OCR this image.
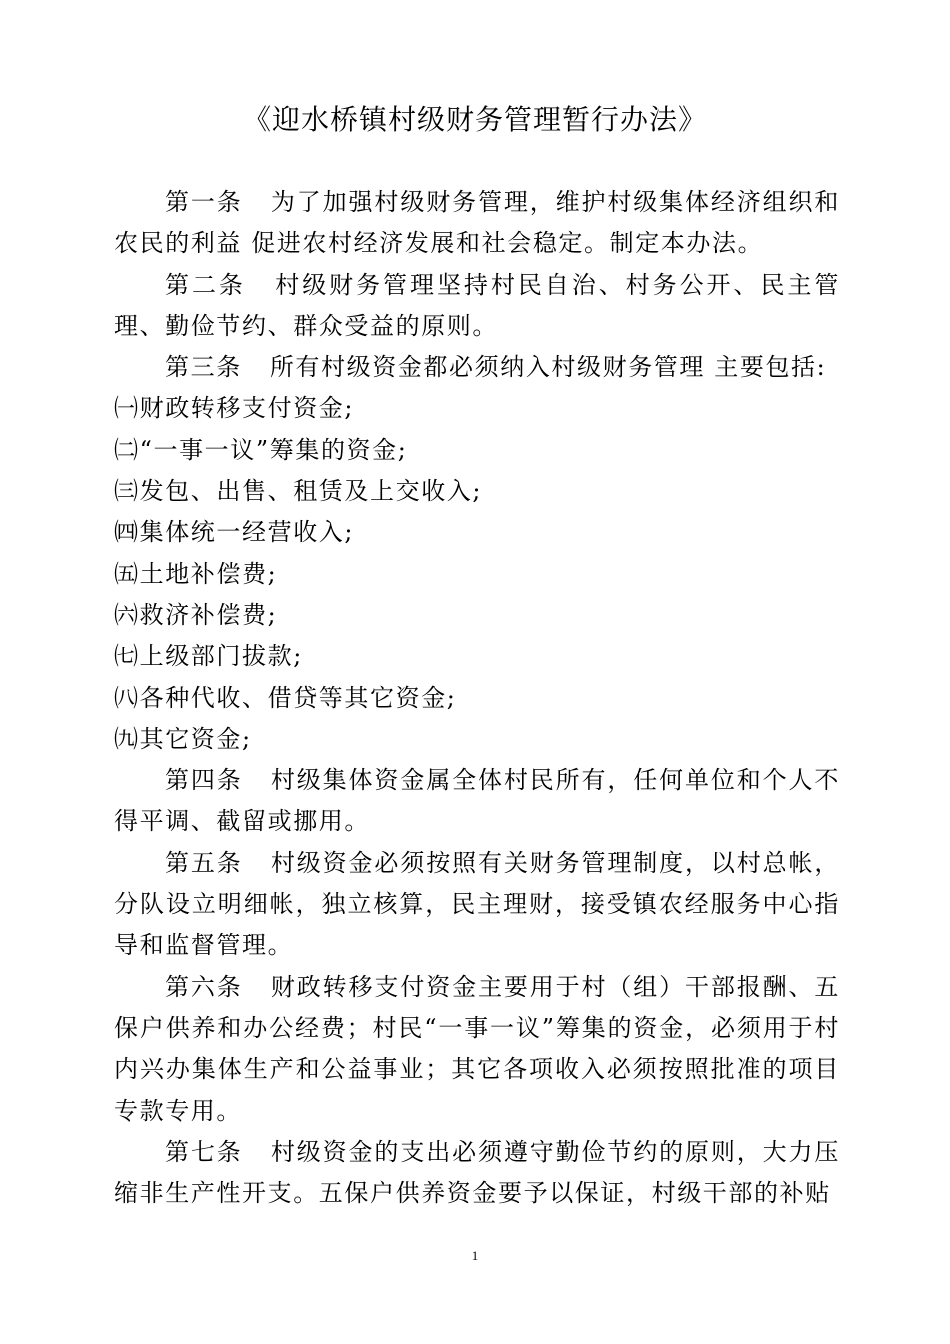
《迎水桥镇村级财务管理暂行办法》

第一条 为了加强村级财务管理，维护村级集体经济组织和农民的利益 促进农村经济发展和社会稳定。制定本办法。

第二条 村级财务管理坚持村民自治、村务公开、民主管理、勤俭节约、群众受益的原则。

第三条 所有村级资金都必须纳入村级财务管理 主要包括:

㈠财政转移支付资金;

㈡“一事一议”筹集的资金;

㈢发包、出售、租赁及上交收入;

㈣集体统一经营收入;

㈤土地补偿费;

㈥救济补偿费;

㈦上级部门拔款;

㈧各种代收、借贷等其它资金;

㈨其它资金;

第四条 村级集体资金属全体村民所有，任何单位和个人不得平调、截留或挪用。

第五条 村级资金必须按照有关财务管理制度，以村总帐，分队设立明细帐，独立核算，民主理财，接受镇农经服务中心指导和监督管理。

第六条 财政转移支付资金主要用于村（组）干部报酬、五保户供养和办公经费；村民“一事一议”筹集的资金，必须用于村内兴办集体生产和公益事业；其它各项收入必须按照批准的项目专款专用。

第七条 村级资金的支出必须遵守勤俭节约的原则，大力压缩非生产性开支。五保户供养资金要予以保证，村级干部的补贴

1
